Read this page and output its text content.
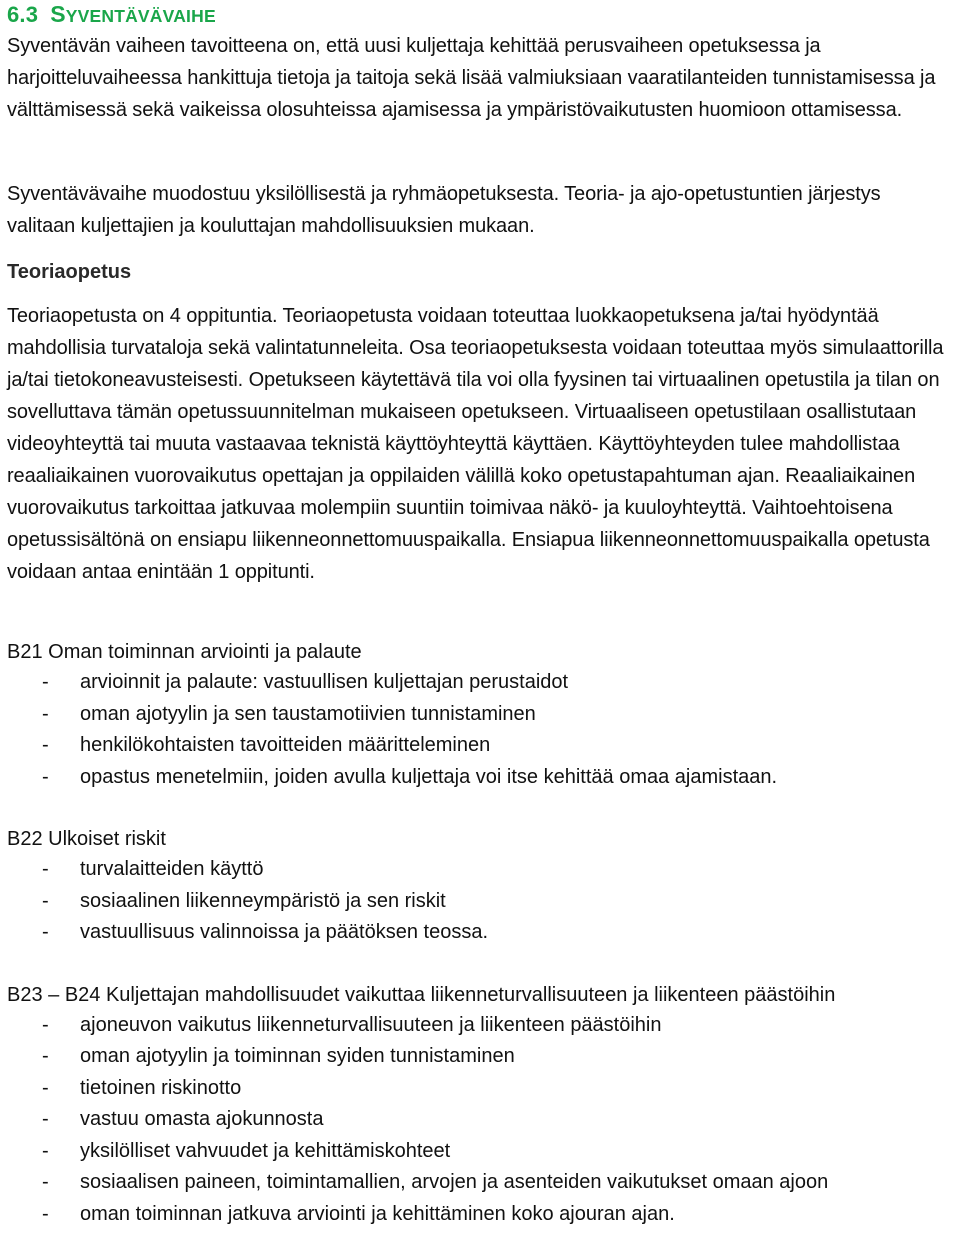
6.3 SYVENTÄVÄVAIHE

Syventävän vaiheen tavoitteena on, että uusi kuljettaja kehittää perusvaiheen opetuksessa ja harjoitteluvaiheessa hankittuja tietoja ja taitoja sekä lisää valmiuksiaan vaaratilanteiden tunnistamisessa ja välttämisessä sekä vaikeissa olosuhteissa ajamisessa ja ympäristövaikutusten huomioon ottamisessa.

Syventävävaihe muodostuu yksilöllisestä ja ryhmäopetuksesta. Teoria- ja ajo-opetustuntien järjestys valitaan kuljettajien ja kouluttajan mahdollisuuksien mukaan.

Teoriaopetus

Teoriaopetusta on 4 oppituntia. Teoriaopetusta voidaan toteuttaa luokkaopetuksena ja/tai hyödyntää mahdollisia turvataloja sekä valintatunneleita. Osa teoriaopetuksesta voidaan toteuttaa myös simulaattorilla ja/tai tietokoneavusteisesti. Opetukseen käytettävä tila voi olla fyysinen tai virtuaalinen opetustila ja tilan on sovelluttava tämän opetussuunnitelman mukaiseen opetukseen. Virtuaaliseen opetustilaan osallistutaan videoyhteyttä tai muuta vastaavaa teknistä käyttöyhteyttä käyttäen. Käyttöyhteyden tulee mahdollistaa reaaliaikainen vuorovaikutus opettajan ja oppilaiden välillä koko opetustapahtuman ajan. Reaaliaikainen vuorovaikutus tarkoittaa jatkuvaa molempiin suuntiin toimivaa näkö- ja kuuloyhteyttä. Vaihtoehtoisena opetussisältönä on ensiapu liikenneonnettomuuspaikalla. Ensiapua liikenneonnettomuuspaikalla opetusta voidaan antaa enintään 1 oppitunti.

B21 Oman toiminnan arviointi ja palaute
- arvioinnit ja palaute: vastuullisen kuljettajan perustaidot
- oman ajotyylin ja sen taustamotiivien tunnistaminen
- henkilökohtaisten tavoitteiden määritteleminen
- opastus menetelmiin, joiden avulla kuljettaja voi itse kehittää omaa ajamistaan.
B22 Ulkoiset riskit
- turvalaitteiden käyttö
- sosiaalinen liikenneympäristö ja sen riskit
- vastuullisuus valinnoissa ja päätöksen teossa.
B23 – B24 Kuljettajan mahdollisuudet vaikuttaa liikenneturvallisuuteen ja liikenteen päästöihin
- ajoneuvon vaikutus liikenneturvallisuuteen ja liikenteen päästöihin
- oman ajotyylin ja toiminnan syiden tunnistaminen
- tietoinen riskinotto
- vastuu omasta ajokunnosta
- yksilölliset vahvuudet ja kehittämiskohteet
- sosiaalisen paineen, toimintamallien, arvojen ja asenteiden vaikutukset omaan ajoon
- oman toiminnan jatkuva arviointi ja kehittäminen koko ajouran ajan.
